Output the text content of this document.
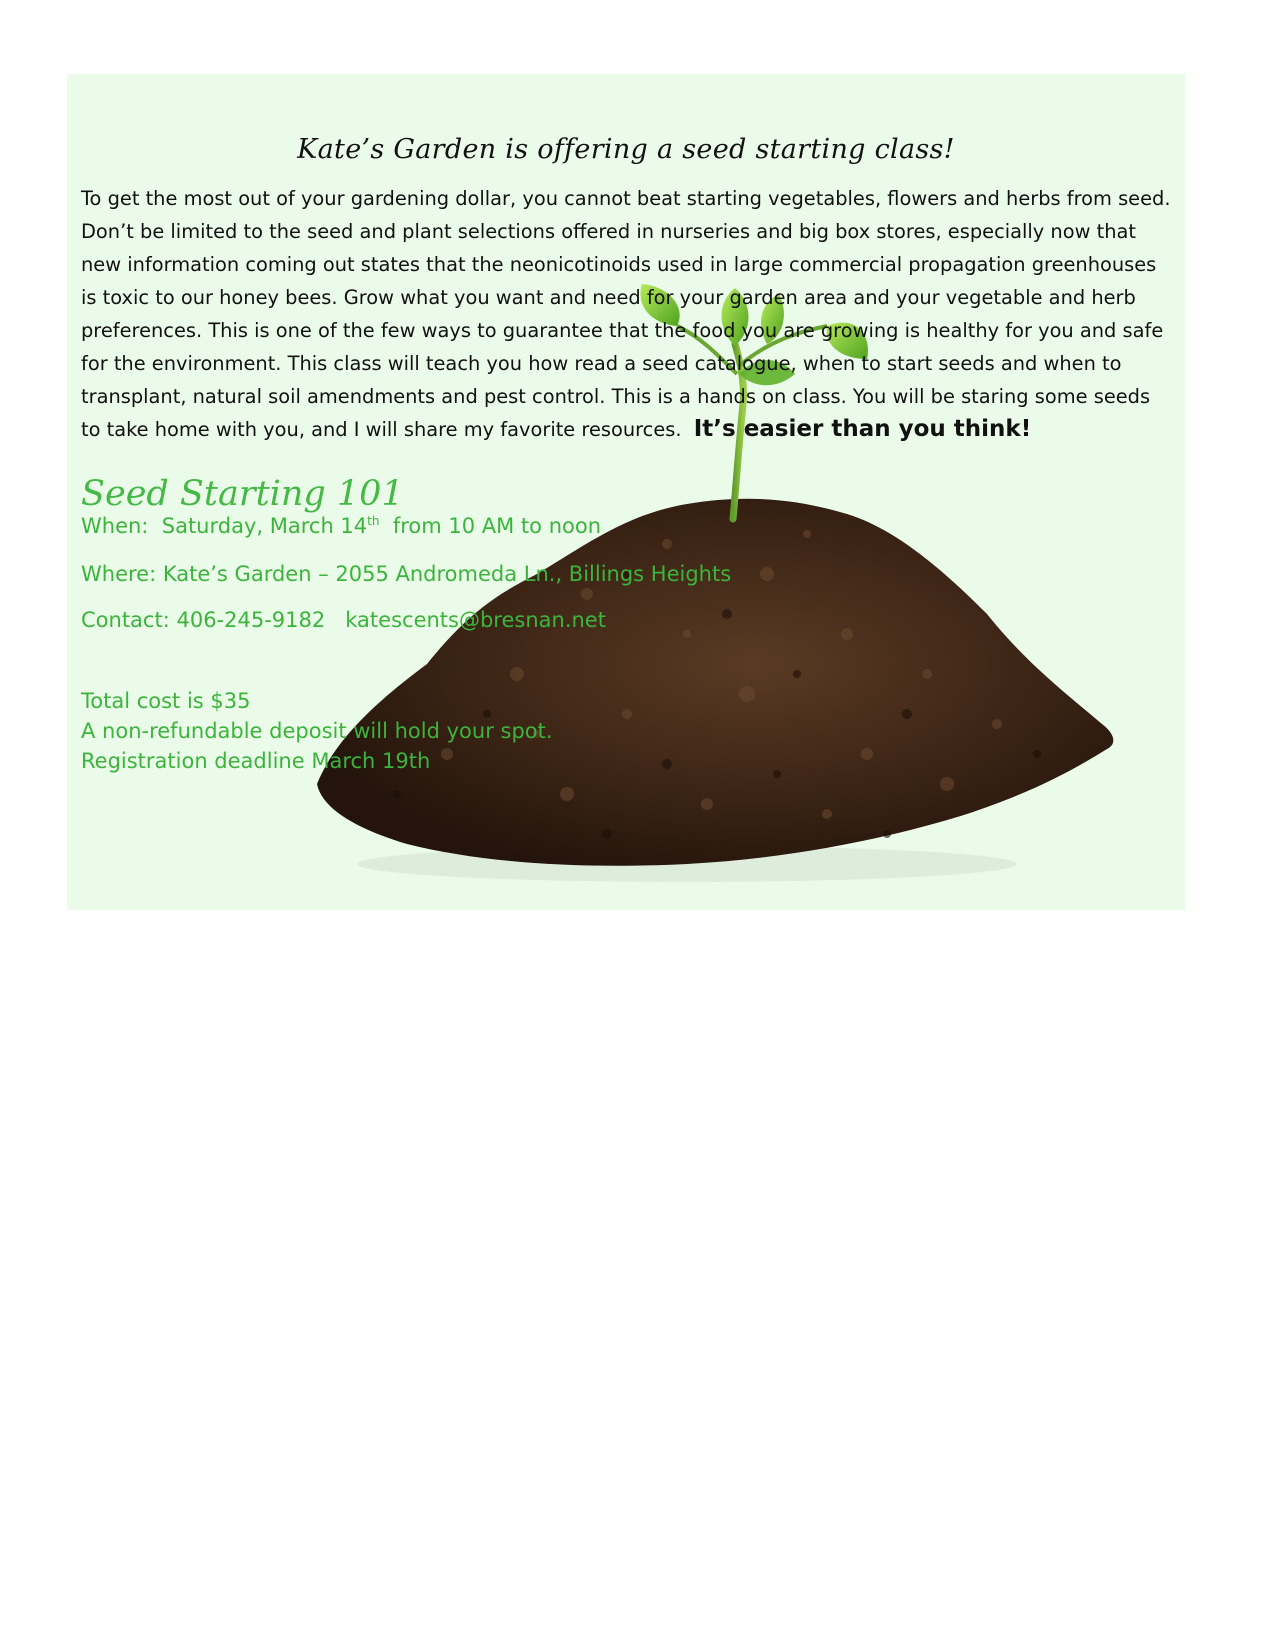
Kate’s Garden is offering a seed starting class!
To get the most out of your gardening dollar, you cannot beat starting vegetables, flowers and herbs from seed. Don’t be limited to the seed and plant selections offered in nurseries and big box stores, especially now that new information coming out states that the neonicotinoids used in large commercial propagation greenhouses is toxic to our honey bees. Grow what you want and need for your garden area and your vegetable and herb preferences. This is one of the few ways to guarantee that the food you are growing is healthy for you and safe for the environment. This class will teach you how read a seed catalogue, when to start seeds and when to transplant, natural soil amendments and pest control. This is a hands on class. You will be staring some seeds to take home with you, and I will share my favorite resources. It’s easier than you think!
Seed Starting 101
When: Saturday, March 14th from 10 AM to noon
Where: Kate’s Garden – 2055 Andromeda Ln., Billings Heights
Contact: 406-245-9182 katescents@bresnan.net
Total cost is $35
A non-refundable deposit will hold your spot.
Registration deadline March 19th
